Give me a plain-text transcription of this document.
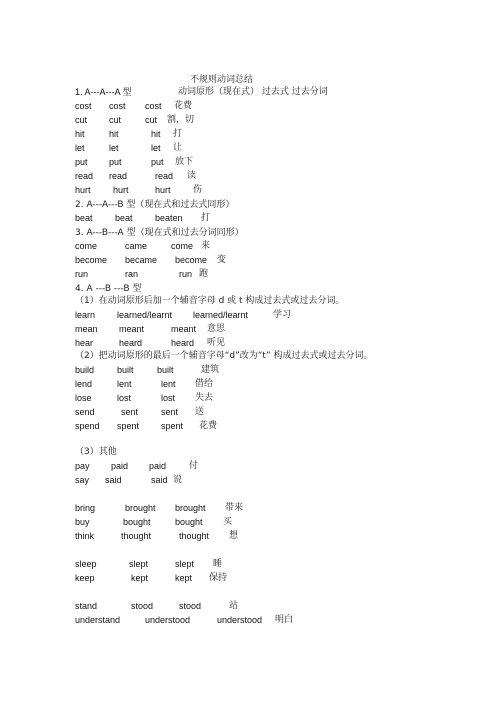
不规则动词总结
1. A---A---A 型	动词原形（现在式） 过去式 过去分词
cost cost cost 花费
cut cut	cut 割，切
hit	hit	hit 打
let	let	let 让
put put	put 放下
read read	read 读
hurt hurt	hurt 伤
2. A---A---B 型（现在式和过去式同形）
beat beat beaten 打
3. A---B---A 型（现在式和过去分词同形）
come	came	come 来
become became become 变
run	ran	run 跑
4. A ---B ---B 型
（1）在动词原形后加一个辅音字母 d 或 t 构成过去式或过去分词。
learn learned/learnt learned/learnt	学习
mean meant	meant 意思
hear	heard	heard 听见
（2）把动词原形的最后一个辅音字母“d”改为“t” 构成过去式或过去分词。
build	built	built	建筑
lend	lent	lent 借给
lose	lost	lost 失去
send	sent	sent 送
spend spent spent 花费
（3）其他
pay paid paid	付
say said	said 说
bring	brought brought 带来
buy	bought	bought 买
think	thought	thought 想
sleep	slept	slept 睡
keep	kept	kept 保持
stand	stood	stood	站
understand	understood	understood 明白
